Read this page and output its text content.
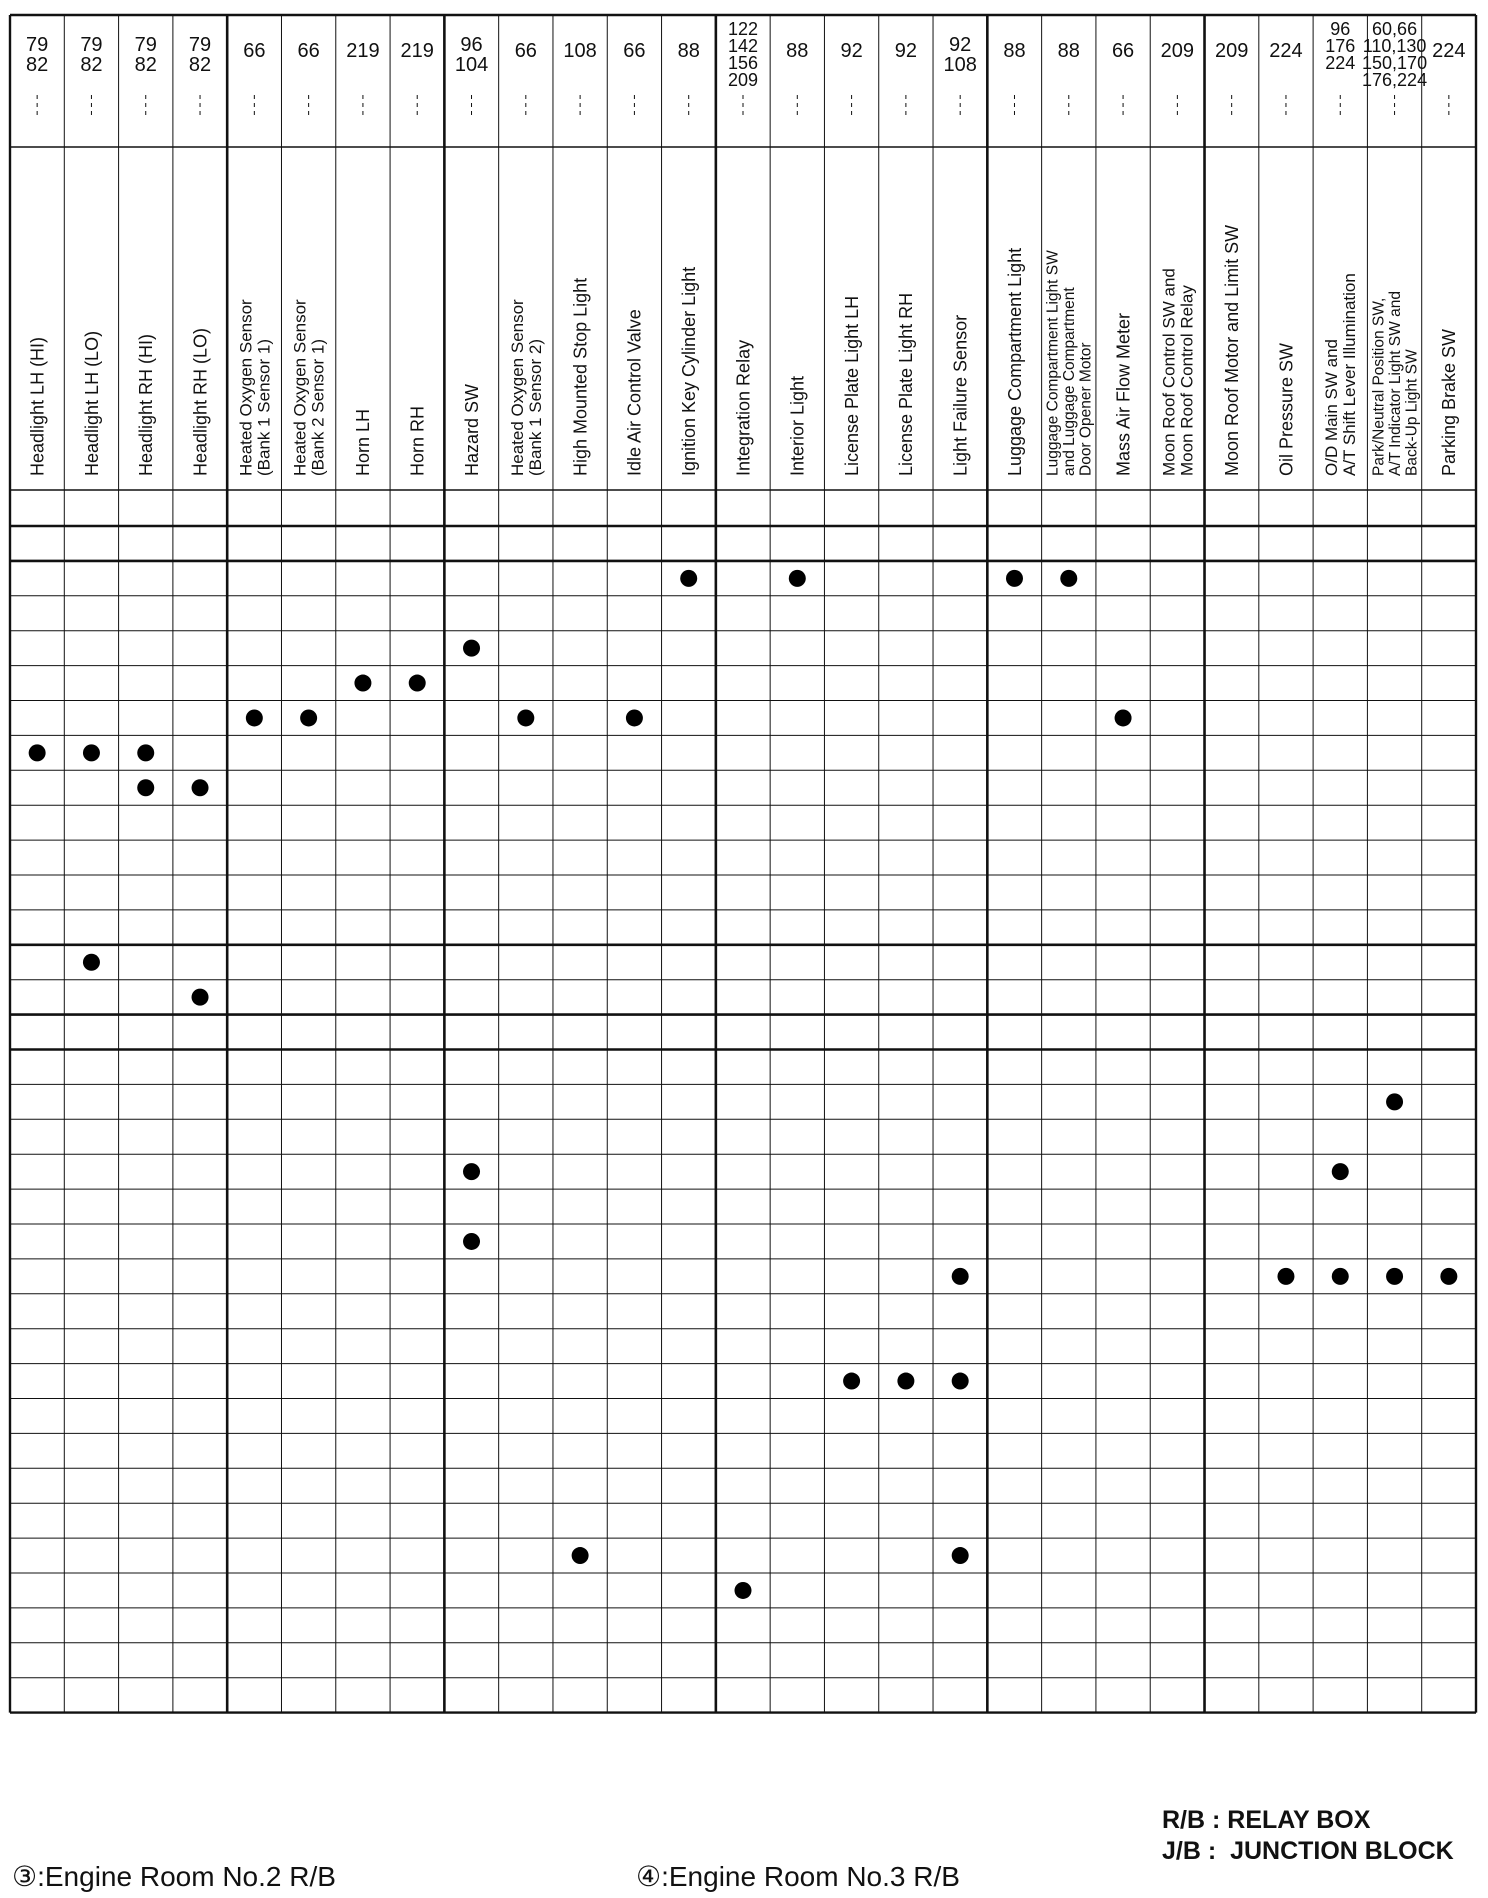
79
82
Headlight LH (HI)
79
82
Headlight LH (LO)
79
82
Headlight RH (HI)
79
82
Headlight RH (LO)
66
Heated Oxygen Sensor (Bank 1 Sensor 1)
66
Heated Oxygen Sensor (Bank 2 Sensor 1)
219
Horn LH
219
Horn RH
96
104
Hazard SW
66
Heated Oxygen Sensor (Bank 1 Sensor 2)
108
High Mounted Stop Light
66
Idle Air Control Valve
88
Ignition Key Cylinder Light
122
142
156
209
Integration Relay
88
Interior Light
92
License Plate Light LH
92
License Plate Light RH
92
108
Light Failure Sensor
88
Luggage Compartment Light
88
Luggage Compartment Light SW and Luggage Compartment Door Opener Motor
66
Mass Air Flow Meter
209
Moon Roof Control SW and Moon Roof Control Relay
209
Moon Roof Motor and Limit SW
224
Oil Pressure SW
96
176
224
O/D Main SW and A/T Shift Lever Illumination
60,66
110,130
150,170
176,224
Park/Neutral Position SW, A/T Indicator Light SW and Back-Up Light SW
224
Parking Brake SW
R/B : RELAY BOX
J/B :  JUNCTION BLOCK
③:Engine Room No.2 R/B	④:Engine Room No.3 R/B
